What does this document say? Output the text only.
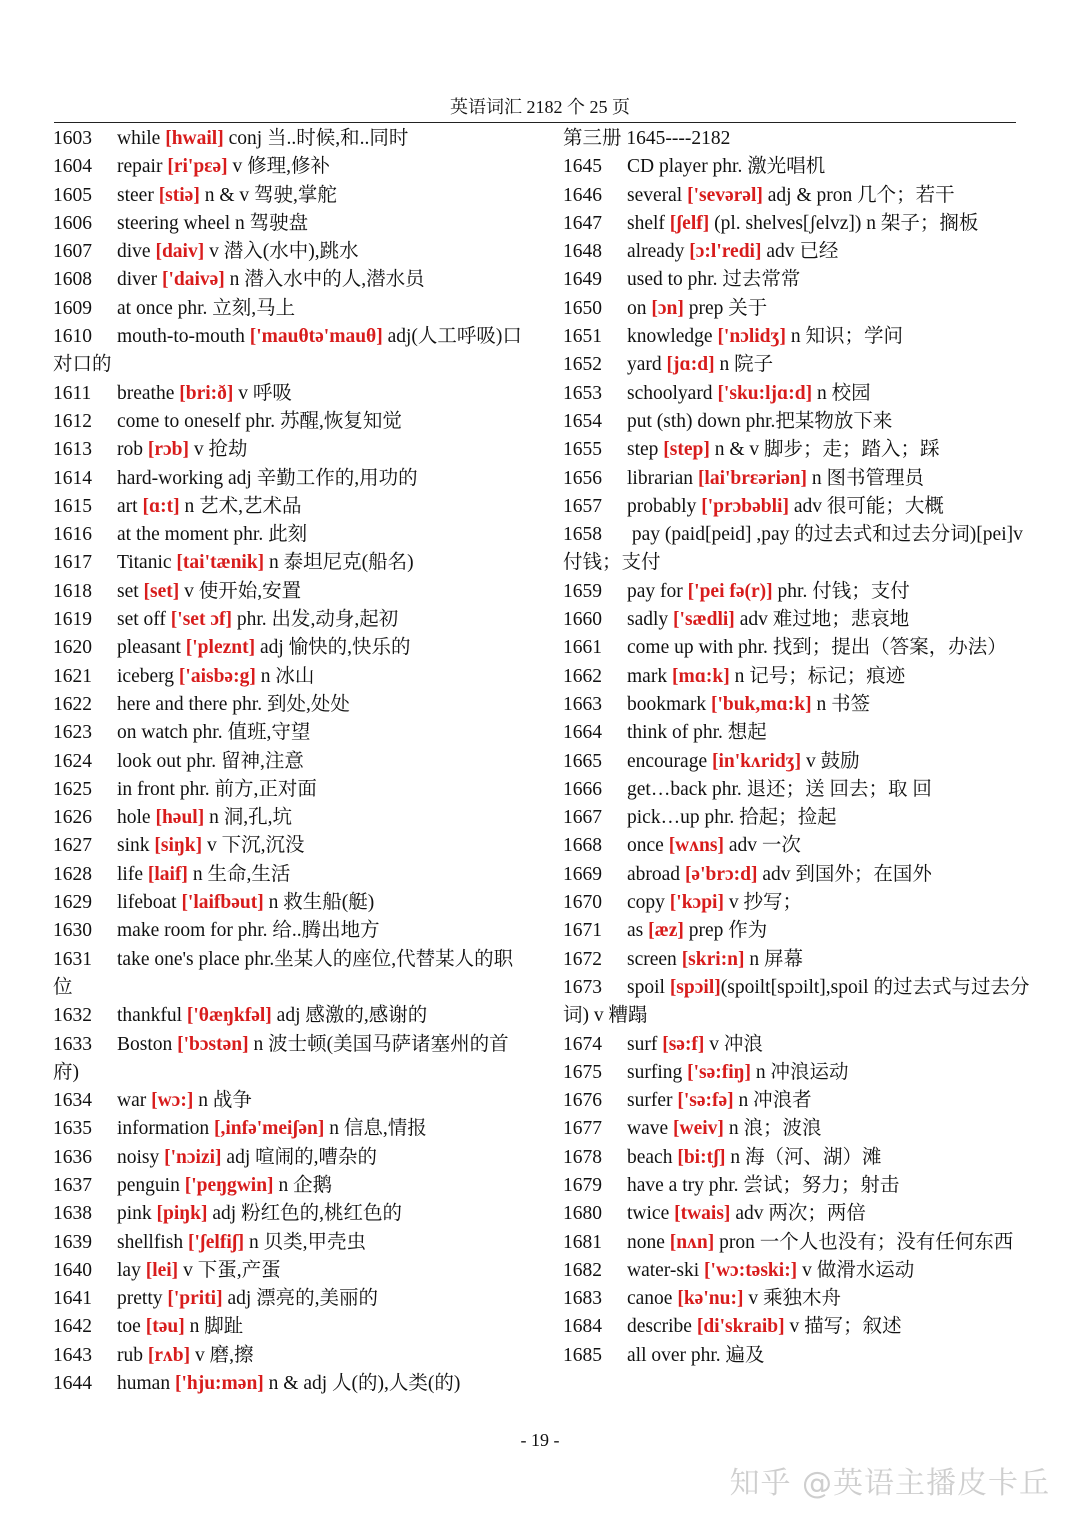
英语词汇 2182 个 25 页
1603	while [hwail] conj 当..时候,和..同时
1604	repair [ri'pɛə] v 修理,修补
1605	steer [stiə] n & v 驾驶,掌舵
1606	steering wheel n 驾驶盘
1607	dive [daiv] v 潜入(水中),跳水
1608	diver ['daivə] n 潜入水中的人,潜水员
1609	at once phr. 立刻,马上
1610 mouth-to-mouth ['mauθtə'mauθ] adj(人工呼吸)口对口的
1611	breathe [bri:ð] v 呼吸
1612	come to oneself phr. 苏醒,恢复知觉
1613	rob [rɔb] v 抢劫
1614	hard-working adj 辛勤工作的,用功的
1615	art [ɑ:t] n 艺术,艺术品
1616	at the moment phr. 此刻
1617	Titanic [tai'tænik] n 泰坦尼克(船名)
1618	set [set] v 使开始,安置
1619	set off ['set ɔf] phr. 出发,动身,起初
1620	pleasant ['pleznt] adj 愉快的,快乐的
1621	iceberg ['aisbə:g] n 冰山
1622	here and there phr. 到处,处处
1623	on watch phr. 值班,守望
1624	look out phr. 留神,注意
1625	in front phr. 前方,正对面
1626	hole [həul] n 洞,孔,坑
1627	sink [siŋk] v 下沉,沉没
1628	life [laif] n 生命,生活
1629	lifeboat ['laifbəut] n 救生船(艇)
1630	make room for phr. 给..腾出地方
1631 take one's place phr.坐某人的座位,代替某人的职位
1632	thankful ['θæŋkfəl] adj 感激的,感谢的
1633 Boston ['bɔstən] n 波士顿(美国马萨诸塞州的首府)
1634	war [wɔ:] n 战争
1635	information [,infə'meiʃən] n 信息,情报
1636	noisy ['nɔizi] adj 喧闹的,嘈杂的
1637	penguin ['peŋgwin] n 企鹅
1638	pink [piŋk] adj 粉红色的,桃红色的
1639	shellfish ['ʃelfiʃ] n 贝类,甲壳虫
1640	lay [lei] v 下蛋,产蛋
1641	pretty ['priti] adj 漂亮的,美丽的
1642	toe [təu] n 脚趾
1643	rub [rʌb] v 磨,擦
1644	human ['hju:mən] n & adj 人(的),人类(的)
第三册 1645----2182
1645	CD player phr. 激光唱机
1646	several ['sevərəl] adj & pron 几个；若干
1647	shelf [ʃelf] (pl. shelves[ʃelvz]) n 架子；搁板
1648	already [ɔ:l'redi] adv 已经
1649	used to phr. 过去常常
1650	on [ɔn] prep 关于
1651	knowledge ['nɔlidʒ] n 知识；学问
1652	yard [jɑ:d] n 院子
1653	schoolyard ['sku:ljɑ:d] n 校园
1654	put (sth) down phr.把某物放下来
1655	step [step] n & v 脚步；走；踏入；踩
1656	librarian [lai'brɛəriən] n 图书管理员
1657	probably ['prɔbəbli] adv 很可能；大概
1658 pay (paid[peid] ,pay 的过去式和过去分词)[pei]v 付钱；支付
1659	pay for ['pei fə(r)] phr. 付钱；支付
1660	sadly ['sædli] adv 难过地；悲哀地
1661 come up with phr. 找到；提出（答案，办法）
1662	mark [mɑ:k] n 记号；标记；痕迹
1663	bookmark ['buk,mɑ:k] n 书签
1664	think of phr. 想起
1665	encourage [in'kʌridʒ] v 鼓励
1666	get…back phr. 退还；送 回去；取 回
1667	pick…up phr. 拾起；捡起
1668	once [wʌns] adv 一次
1669	abroad [ə'brɔ:d] adv 到国外；在国外
1670	copy ['kɔpi] v 抄写；
1671	as [æz] prep 作为
1672	screen [skri:n] n 屏幕
1673 spoil [spɔil](spoilt[spɔilt],spoil 的过去式与过去分词) v 糟蹋
1674	surf [sə:f] v 冲浪
1675	surfing ['sə:fiŋ] n 冲浪运动
1676	surfer ['sə:fə] n 冲浪者
1677	wave [weiv] n 浪；波浪
1678	beach [bi:tʃ] n 海（河、湖）滩
1679	have a try phr. 尝试；努力；射击
1680	twice [twais] adv 两次；两倍
1681 none [nʌn] pron 一个人也没有；没有任何东西
1682	water-ski ['wɔ:təski:] v 做滑水运动
1683	canoe [kə'nu:] v 乘独木舟
1684	describe [di'skraib] v 描写；叙述
1685	all over phr. 遍及
- 19 -
知乎 @英语主播皮卡丘
